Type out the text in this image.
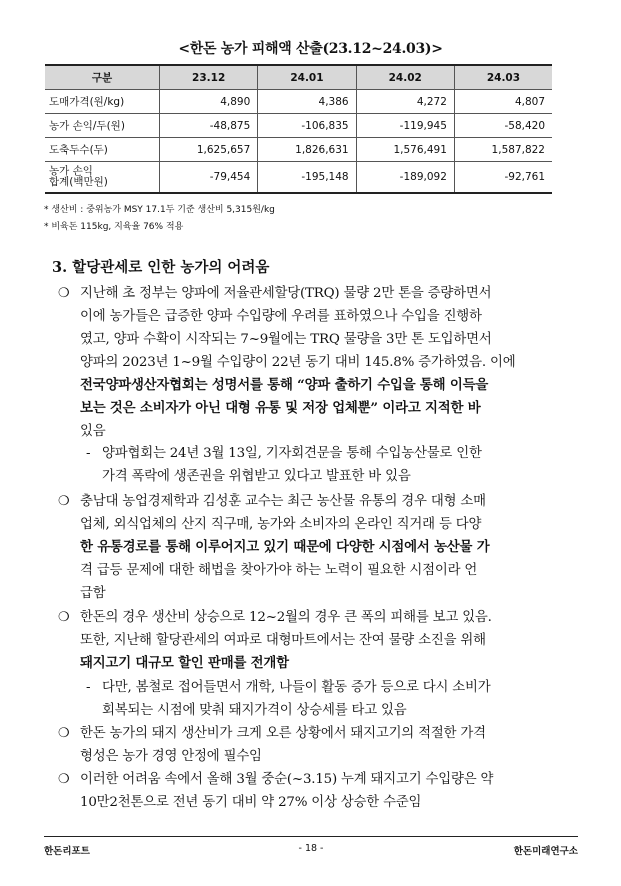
<한돈 농가 피해액 산출(23.12~24.03)>
구분	23.12	24.01	24.02	24.03
도매가격(원/kg)	4,890	4,386	4,272	4,807
농가 손익/두(원)	-48,875	-106,835	-119,945	-58,420
도축두수(두)	1,625,657	1,826,631	1,576,491	1,587,822
농가 손익
합계(백만원)	-79,454	-195,148	-189,092	-92,761
* 생산비 : 중위농가 MSY 17.1두 기준 생산비 5,315원/kg
* 비육돈 115kg, 지육율 76% 적용
3. 할당관세로 인한 농가의 어려움
❍ 지난해 초 정부는 양파에 저율관세할당(TRQ) 물량 2만 톤을 증량하면서
이에 농가들은 급증한 양파 수입량에 우려를 표하였으나 수입을 진행하
였고, 양파 수확이 시작되는 7~9월에는 TRQ 물량을 3만 톤 도입하면서
양파의 2023년 1~9월 수입량이 22년 동기 대비 145.8% 증가하였음. 이에
전국양파생산자협회는 성명서를 통해 “양파 출하기 수입을 통해 이득을
보는 것은 소비자가 아닌 대형 유통 및 저장 업체뿐” 이라고 지적한 바
있음
- 양파협회는 24년 3월 13일, 기자회견문을 통해 수입농산물로 인한
가격 폭락에 생존권을 위협받고 있다고 발표한 바 있음
❍ 충남대 농업경제학과 김성훈 교수는 최근 농산물 유통의 경우 대형 소매
업체, 외식업체의 산지 직구매, 농가와 소비자의 온라인 직거래 등 다양
한 유통경로를 통해 이루어지고 있기 때문에 다양한 시점에서 농산물 가
격 급등 문제에 대한 해법을 찾아가야 하는 노력이 필요한 시점이라 언
급함
❍ 한돈의 경우 생산비 상승으로 12~2월의 경우 큰 폭의 피해를 보고 있음.
또한, 지난해 할당관세의 여파로 대형마트에서는 잔여 물량 소진을 위해
돼지고기 대규모 할인 판매를 전개함
- 다만, 봄철로 접어들면서 개학, 나들이 활동 증가 등으로 다시 소비가
회복되는 시점에 맞춰 돼지가격이 상승세를 타고 있음
❍ 한돈 농가의 돼지 생산비가 크게 오른 상황에서 돼지고기의 적절한 가격
형성은 농가 경영 안정에 필수임
❍ 이러한 어려움 속에서 올해 3월 중순(~3.15) 누계 돼지고기 수입량은 약
10만2천톤으로 전년 동기 대비 약 27% 이상 상승한 수준임
한돈리포트	- 18 -	한돈미래연구소
